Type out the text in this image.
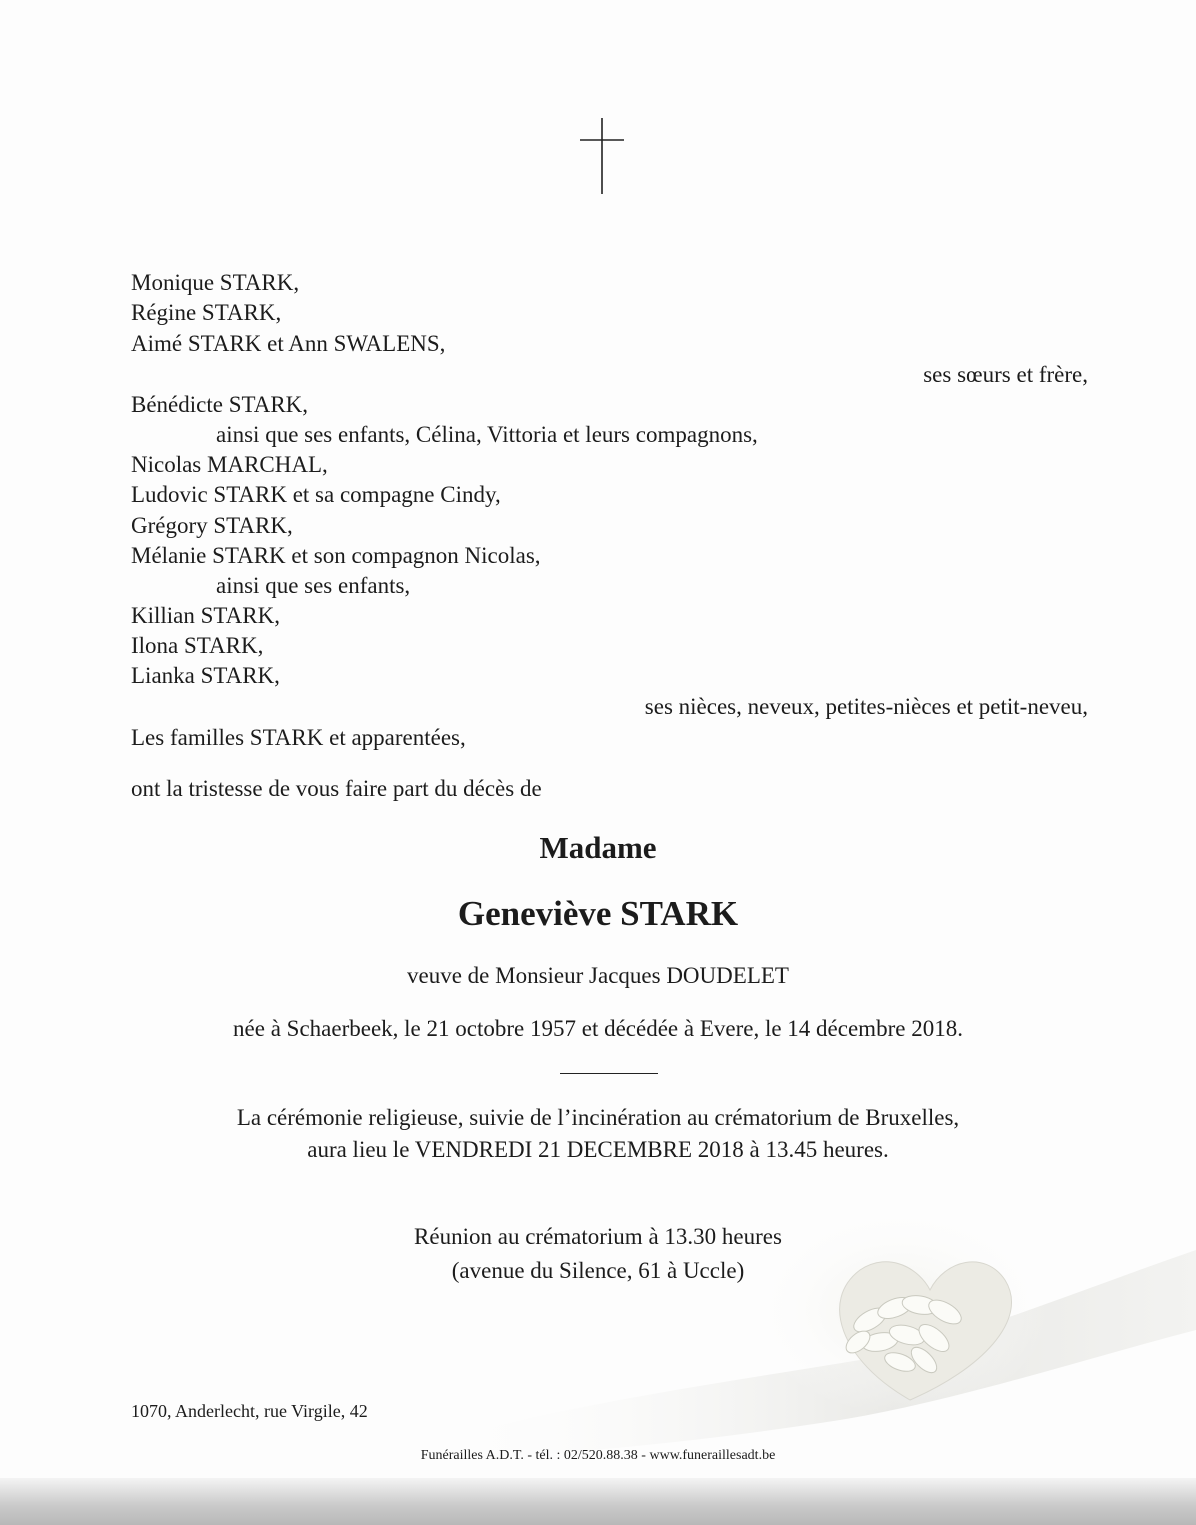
Monique STARK,
Régine STARK,
Aimé STARK et Ann SWALENS,
ses sœurs et frère,
Bénédicte STARK,
ainsi que ses enfants, Célina, Vittoria et leurs compagnons,
Nicolas MARCHAL,
Ludovic STARK et sa compagne Cindy,
Grégory STARK,
Mélanie STARK et son compagnon Nicolas,
ainsi que ses enfants,
Killian STARK,
Ilona STARK,
Lianka STARK,
ses nièces, neveux, petites-nièces et petit-neveu,
Les familles STARK et apparentées,
ont la tristesse de vous faire part du décès de
Madame
Geneviève STARK
veuve de Monsieur Jacques DOUDELET
née à Schaerbeek, le 21 octobre 1957 et décédée à Evere, le 14 décembre 2018.
La cérémonie religieuse, suivie de l’incinération au crématorium de Bruxelles,
aura lieu le VENDREDI 21 DECEMBRE 2018 à 13.45 heures.
Réunion au crématorium à 13.30 heures
(avenue du Silence, 61 à Uccle)
1070, Anderlecht, rue Virgile, 42
Funérailles A.D.T. - tél. : 02/520.88.38 - www.funeraillesadt.be
